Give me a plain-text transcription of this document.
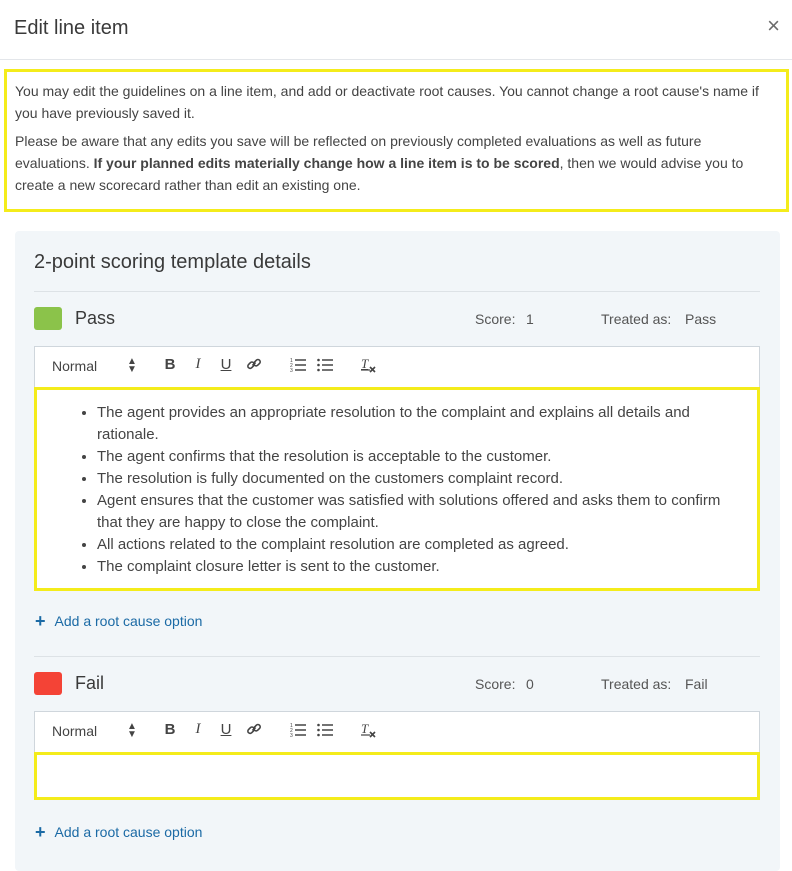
Edit line item	×

You may edit the guidelines on a line item, and add or deactivate root causes. You cannot change a root cause's name if you have previously saved it.

Please be aware that any edits you save will be reflected on previously completed evaluations as well as future evaluations. If your planned edits materially change how a line item is to be scored, then we would advise you to create a new scorecard rather than edit an existing one.

2-point scoring template details
Pass	Score: 1	Treated as: Pass
Normal	▲
▼	B	I	U	1
2
3	T
• The agent provides an appropriate resolution to the complaint and explains all details and rationale.
• The agent confirms that the resolution is acceptable to the customer.
• The resolution is fully documented on the customers complaint record.
• Agent ensures that the customer was satisfied with solutions offered and asks them to confirm that they are happy to close the complaint.
• All actions related to the complaint resolution are completed as agreed.
• The complaint closure letter is sent to the customer.
+ Add a root cause option
Fail	Score: 0	Treated as: Fail
Normal	▲
▼	B	I	U	1
2
3	T
+ Add a root cause option
